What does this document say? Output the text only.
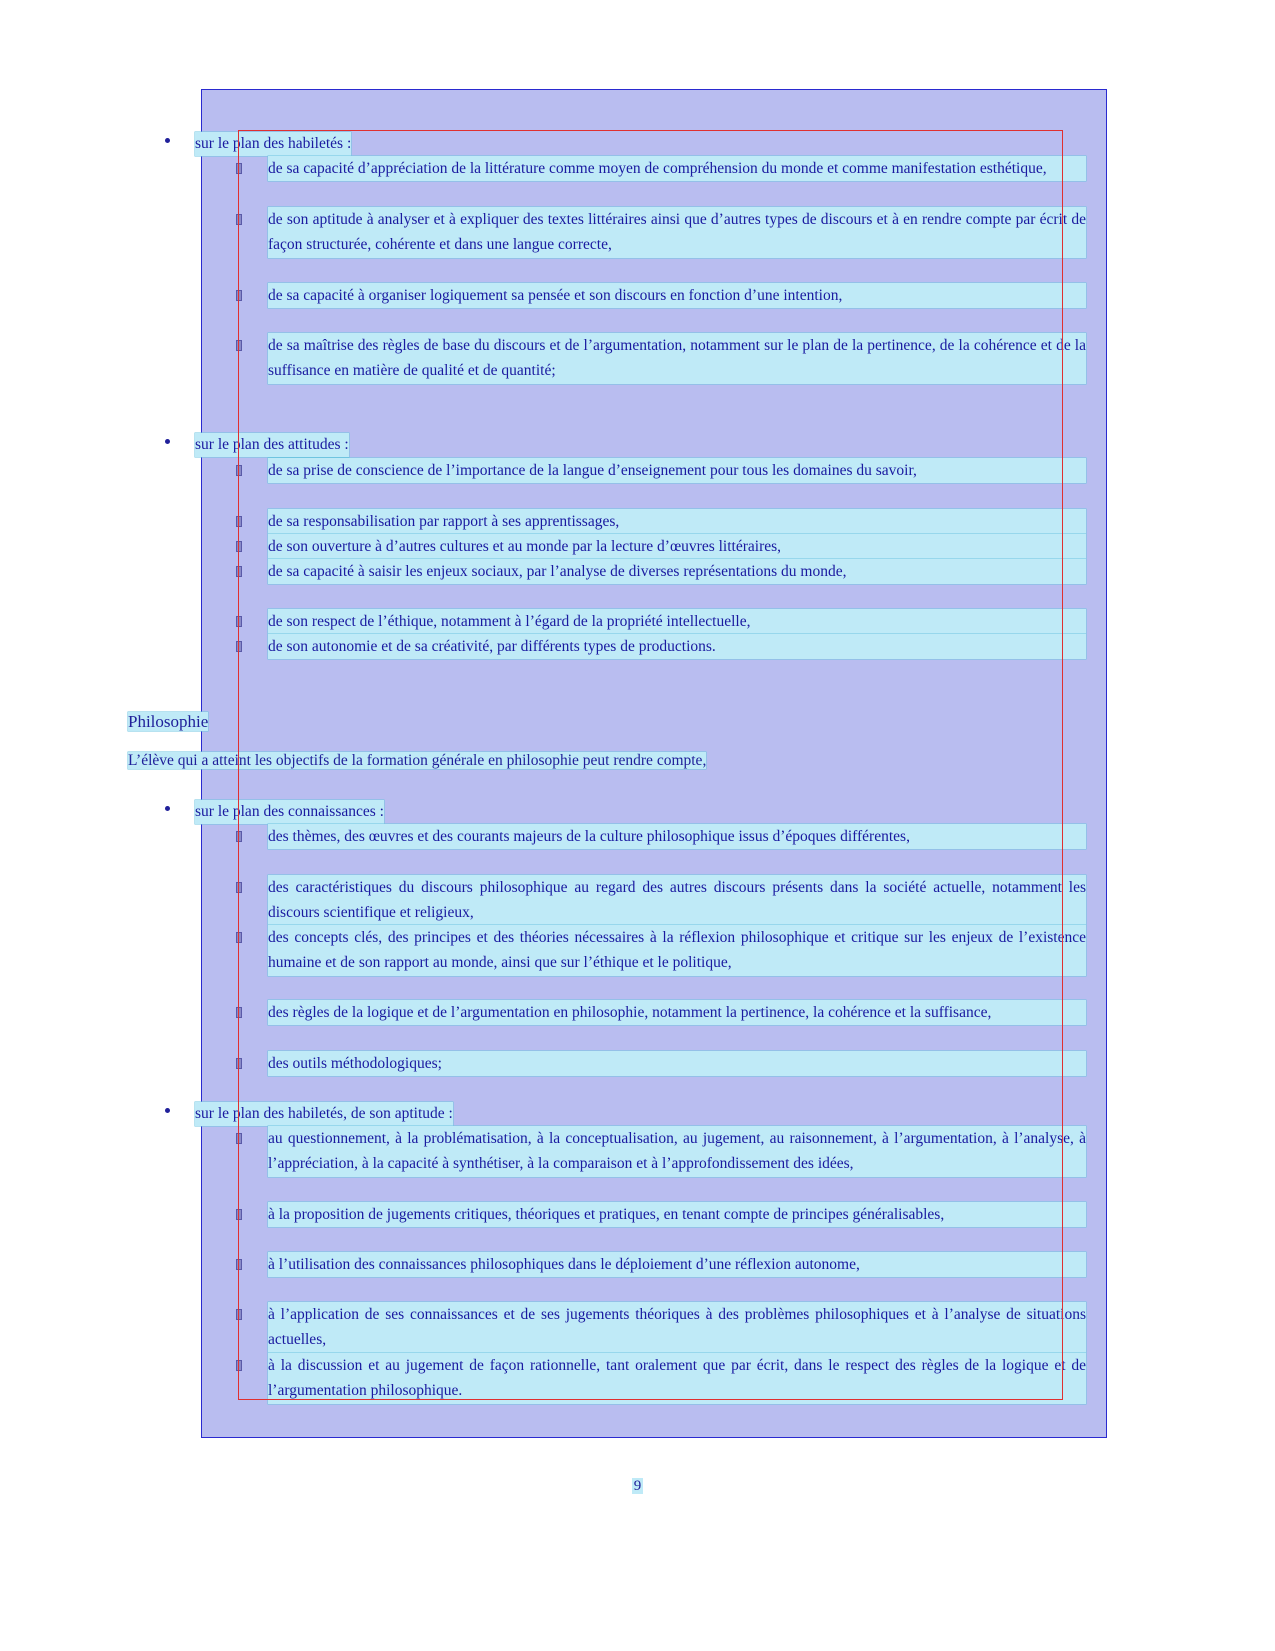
sur le plan des habiletés :
de sa capacité d’appréciation de la littérature comme moyen de compréhension du monde et comme manifestation esthétique,
de son aptitude à analyser et à expliquer des textes littéraires ainsi que d’autres types de discours et à en rendre compte par écrit de façon structurée, cohérente et dans une langue correcte,
de sa capacité à organiser logiquement sa pensée et son discours en fonction d’une intention,
de sa maîtrise des règles de base du discours et de l’argumentation, notamment sur le plan de la pertinence, de la cohérence et de la suffisance en matière de qualité et de quantité;
sur le plan des attitudes :
de sa prise de conscience de l’importance de la langue d’enseignement pour tous les domaines du savoir,
de sa responsabilisation par rapport à ses apprentissages,
de son ouverture à d’autres cultures et au monde par la lecture d’œuvres littéraires,
de sa capacité à saisir les enjeux sociaux, par l’analyse de diverses représentations du monde,
de son respect de l’éthique, notamment à l’égard de la propriété intellectuelle,
de son autonomie et de sa créativité, par différents types de productions.
Philosophie
L’élève qui a atteint les objectifs de la formation générale en philosophie peut rendre compte,
sur le plan des connaissances :
des thèmes, des œuvres et des courants majeurs de la culture philosophique issus d’époques différentes,
des caractéristiques du discours philosophique au regard des autres discours présents dans la société actuelle, notamment les discours scientifique et religieux,
des concepts clés, des principes et des théories nécessaires à la réflexion philosophique et critique sur les enjeux de l’existence humaine et de son rapport au monde, ainsi que sur l’éthique et le politique,
des règles de la logique et de l’argumentation en philosophie, notamment la pertinence, la cohérence et la suffisance,
des outils méthodologiques;
sur le plan des habiletés, de son aptitude :
au questionnement, à la problématisation, à la conceptualisation, au jugement, au raisonnement, à l’argumentation, à l’analyse, à l’appréciation, à la capacité à synthétiser, à la comparaison et à l’approfondissement des idées,
à la proposition de jugements critiques, théoriques et pratiques, en tenant compte de principes généralisables,
à l’utilisation des connaissances philosophiques dans le déploiement d’une réflexion autonome,
à l’application de ses connaissances et de ses jugements théoriques à des problèmes philosophiques et à l’analyse de situations actuelles,
à la discussion et au jugement de façon rationnelle, tant oralement que par écrit, dans le respect des règles de la logique et de l’argumentation philosophique.
9
